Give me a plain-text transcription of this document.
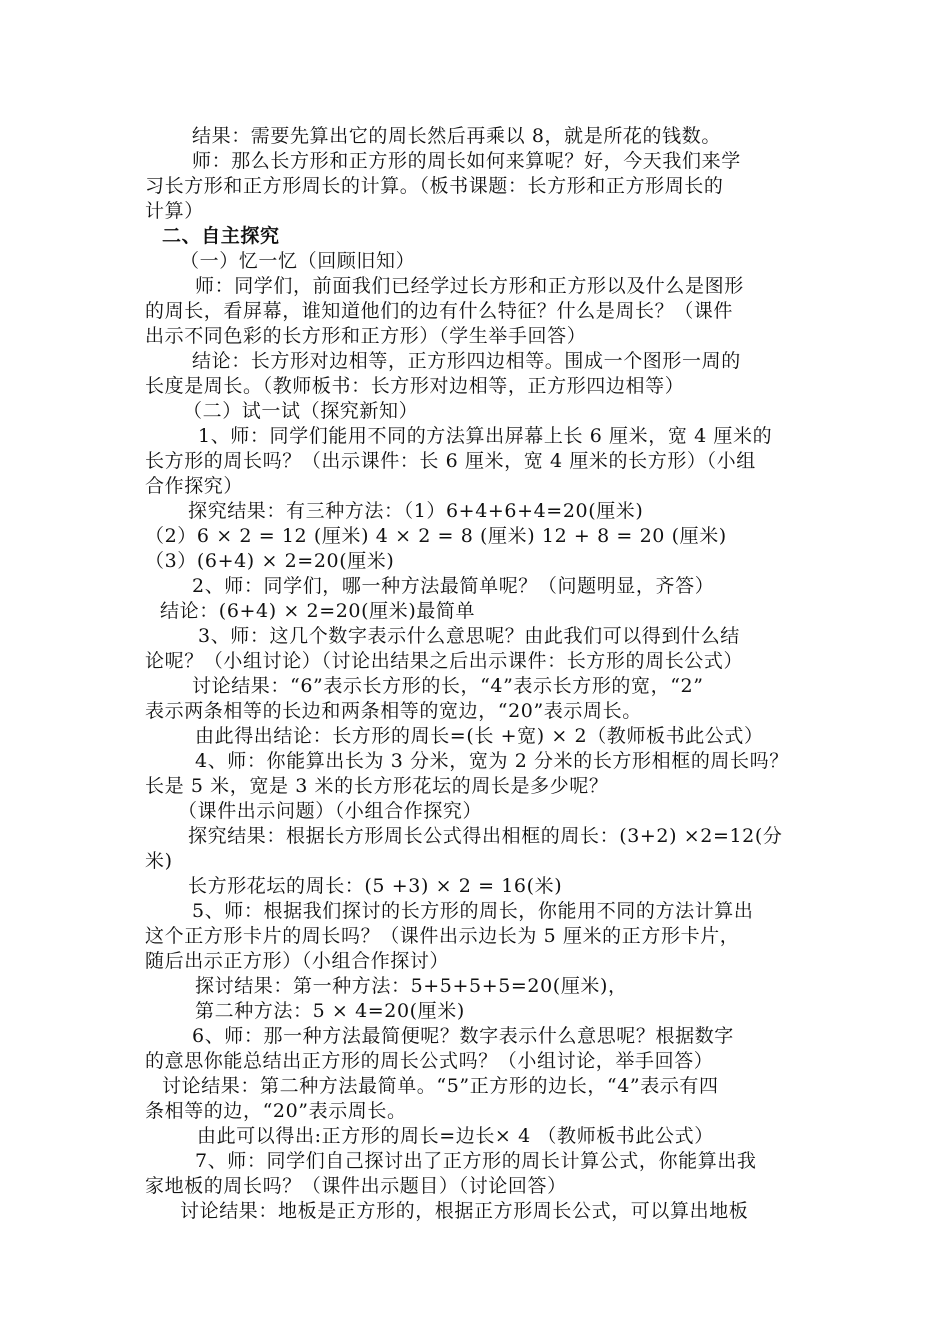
结果：需要先算出它的周长然后再乘以 8，就是所花的钱数。

师：那么长方形和正方形的周长如何来算呢？好，今天我们来学

习长方形和正方形周长的计算。（板书课题：长方形和正方形周长的

计算）

二、自主探究

（一）忆一忆（回顾旧知）

师：同学们，前面我们已经学过长方形和正方形以及什么是图形

的周长，看屏幕，谁知道他们的边有什么特征？什么是周长？（课件

出示不同色彩的长方形和正方形）（学生举手回答）

结论：长方形对边相等，正方形四边相等。围成一个图形一周的

长度是周长。（教师板书：长方形对边相等，正方形四边相等）

（二）试一试（探究新知）

1、师：同学们能用不同的方法算出屏幕上长 6 厘米，宽 4 厘米的

长方形的周长吗？（出示课件：长 6 厘米，宽 4 厘米的长方形）（小组

合作探究）

探究结果：有三种方法：（1）6+4+6+4=20(厘米)

（2）6 × 2 = 12 (厘米) 4 × 2 = 8 (厘米) 12 + 8 = 20 (厘米)

（3）(6+4) × 2=20(厘米)

2、师：同学们，哪一种方法最简单呢？（问题明显，齐答）

结论：(6+4) × 2=20(厘米)最简单

3、师：这几个数字表示什么意思呢？由此我们可以得到什么结

论呢？（小组讨论）（讨论出结果之后出示课件：长方形的周长公式）

讨论结果：“6”表示长方形的长，“4”表示长方形的宽，“2”

表示两条相等的长边和两条相等的宽边，“20”表示周长。

由此得出结论：长方形的周长=(长 +宽) × 2（教师板书此公式）

4、师：你能算出长为 3 分米，宽为 2 分米的长方形相框的周长吗？

长是 5 米，宽是 3 米的长方形花坛的周长是多少呢？

（课件出示问题）（小组合作探究）

探究结果：根据长方形周长公式得出相框的周长：(3+2) ×2=12(分

米)

长方形花坛的周长：(5 +3) × 2 = 16(米)

5、师：根据我们探讨的长方形的周长，你能用不同的方法计算出

这个正方形卡片的周长吗？（课件出示边长为 5 厘米的正方形卡片，

随后出示正方形）（小组合作探讨）

探讨结果：第一种方法：5+5+5+5=20(厘米)，

第二种方法：5 × 4=20(厘米)

6、师：那一种方法最简便呢？数字表示什么意思呢？根据数字

的意思你能总结出正方形的周长公式吗？（小组讨论，举手回答）

讨论结果：第二种方法最简单。“5”正方形的边长，“4”表示有四

条相等的边，“20”表示周长。

由此可以得出:正方形的周长=边长× 4 （教师板书此公式）

7、师：同学们自己探讨出了正方形的周长计算公式，你能算出我

家地板的周长吗？（课件出示题目）（讨论回答）

讨论结果：地板是正方形的，根据正方形周长公式，可以算出地板
